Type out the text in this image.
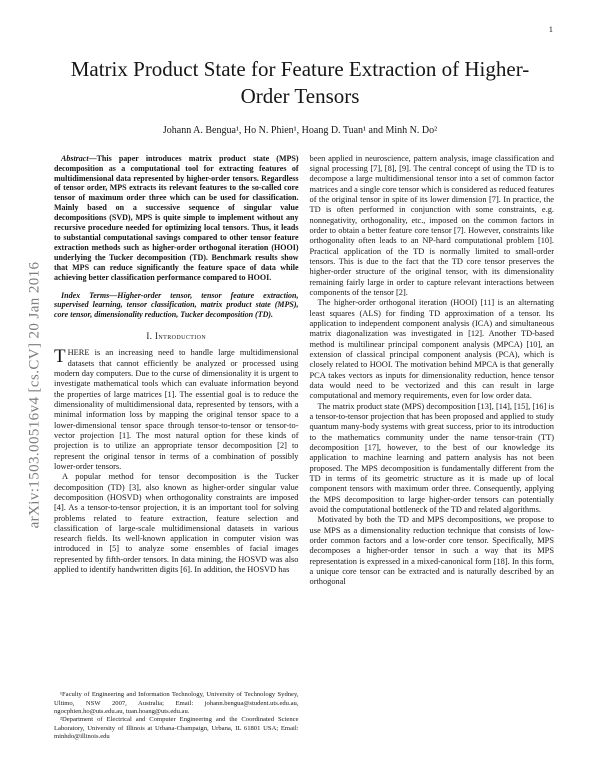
1
arXiv:1503.00516v4 [cs.CV] 20 Jan 2016
Matrix Product State for Feature Extraction of Higher-Order Tensors
Johann A. Bengua¹, Ho N. Phien¹, Hoang D. Tuan¹ and Minh N. Do²

Abstract—This paper introduces matrix product state (MPS) decomposition as a computational tool for extracting features of multidimensional data represented by higher-order tensors. Regardless of tensor order, MPS extracts its relevant features to the so-called core tensor of maximum order three which can be used for classification. Mainly based on a successive sequence of singular value decompositions (SVD), MPS is quite simple to implement without any recursive procedure needed for optimizing local tensors. Thus, it leads to substantial computational savings compared to other tensor feature extraction methods such as higher-order orthogonal iteration (HOOI) underlying the Tucker decomposition (TD). Benchmark results show that MPS can reduce significantly the feature space of data while achieving better classification performance compared to HOOI.

Index Terms—Higher-order tensor, tensor feature extraction, supervised learning, tensor classification, matrix product state (MPS), core tensor, dimensionality reduction, Tucker decomposition (TD).

I. Introduction

THERE is an increasing need to handle large multidimensional datasets that cannot efficiently be analyzed or processed using modern day computers. Due to the curse of dimensionality it is urgent to investigate mathematical tools which can evaluate information beyond the properties of large matrices [1]. The essential goal is to reduce the dimensionality of multidimensional data, represented by tensors, with a minimal information loss by mapping the original tensor space to a lower-dimensional tensor space through tensor-to-tensor or tensor-to-vector projection [1]. The most natural option for these kinds of projection is to utilize an appropriate tensor decomposition [2] to represent the original tensor in terms of a combination of possibly lower-order tensors.

A popular method for tensor decomposition is the Tucker decomposition (TD) [3], also known as higher-order singular value decomposition (HOSVD) when orthogonality constraints are imposed [4]. As a tensor-to-tensor projection, it is an important tool for solving problems related to feature extraction, feature selection and classification of large-scale multidimensional datasets in various research fields. Its well-known application in computer vision was introduced in [5] to analyze some ensembles of facial images represented by fifth-order tensors. In data mining, the HOSVD was also applied to identify handwritten digits [6]. In addition, the HOSVD has

¹Faculty of Engineering and Information Technology, University of Technology Sydney, Ultimo, NSW 2007, Australia; Email: johann.bengua@student.uts.edu.au, ngocphien.ho@uts.edu.au, tuan.hoang@uts.edu.au.

²Department of Electrical and Computer Engineering and the Coordinated Science Laboratory, University of Illinois at Urbana-Champaign, Urbana, IL 61801 USA; Email: minhdo@illinois.edu

been applied in neuroscience, pattern analysis, image classification and signal processing [7], [8], [9]. The central concept of using the TD is to decompose a large multidimensional tensor into a set of common factor matrices and a single core tensor which is considered as reduced features of the original tensor in spite of its lower dimension [7]. In practice, the TD is often performed in conjunction with some constraints, e.g. nonnegativity, orthogonality, etc., imposed on the common factors in order to obtain a better feature core tensor [7]. However, constraints like orthogonality often leads to an NP-hard computational problem [10]. Practical application of the TD is normally limited to small-order tensors. This is due to the fact that the TD core tensor preserves the higher-order structure of the original tensor, with its dimensionality remaining fairly large in order to capture relevant interactions between components of the tensor [2].

The higher-order orthogonal iteration (HOOI) [11] is an alternating least squares (ALS) for finding TD approximation of a tensor. Its application to independent component analysis (ICA) and simultaneous matrix diagonalization was investigated in [12]. Another TD-based method is multilinear principal component analysis (MPCA) [10], an extension of classical principal component analysis (PCA), which is closely related to HOOI. The motivation behind MPCA is that generally PCA takes vectors as inputs for dimensionality reduction, hence tensor data would need to be vectorized and this can result in large computational and memory requirements, even for low order data.

The matrix product state (MPS) decomposition [13], [14], [15], [16] is a tensor-to-tensor projection that has been proposed and applied to study quantum many-body systems with great success, prior to its introduction to the mathematics community under the name tensor-train (TT) decomposition [17], however, to the best of our knowledge its application to machine learning and pattern analysis has not been proposed. The MPS decomposition is fundamentally different from the TD in terms of its geometric structure as it is made up of local component tensors with maximum order three. Consequently, applying the MPS decomposition to large higher-order tensors can potentially avoid the computational bottleneck of the TD and related algorithms.

Motivated by both the TD and MPS decompositions, we propose to use MPS as a dimensionality reduction technique that consists of low-order common factors and a low-order core tensor. Specifically, MPS decomposes a higher-order tensor in such a way that its MPS representation is expressed in a mixed-canonical form [18]. In this form, a unique core tensor can be extracted and is naturally described by an orthogonal
